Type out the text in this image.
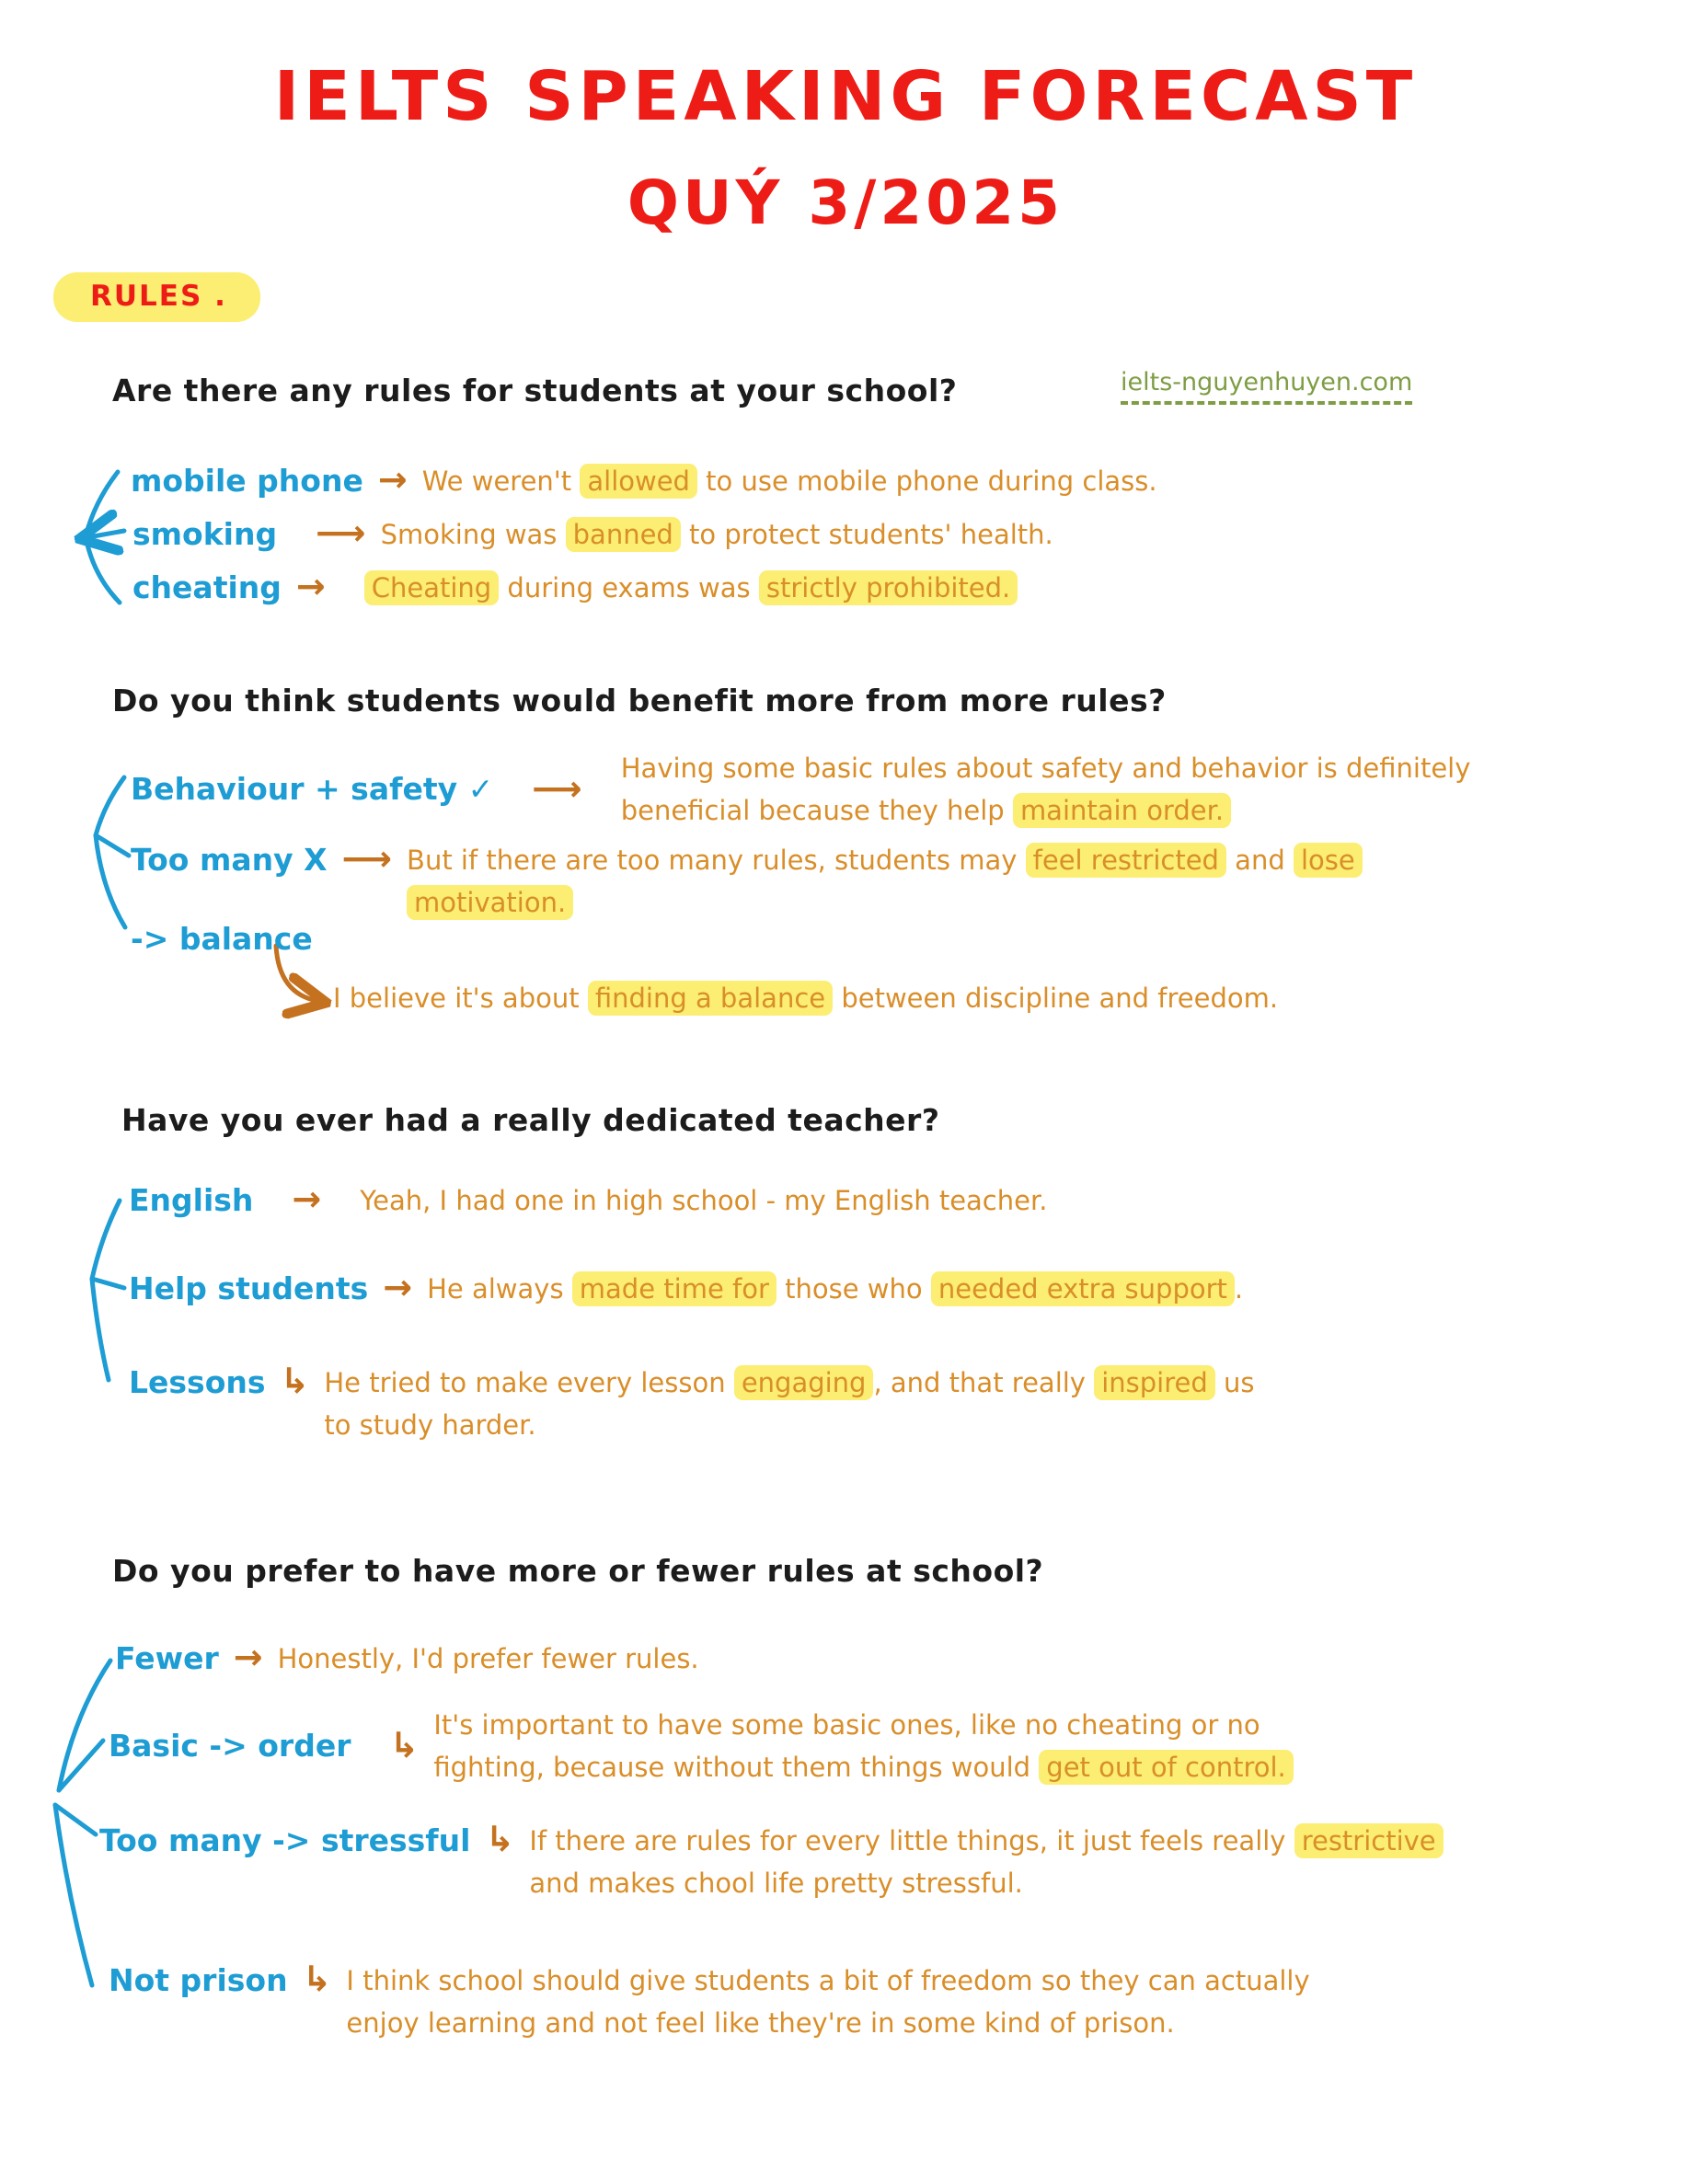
IELTS SPEAKING FORECAST
QUÝ 3/2025
RULES .
ielts-nguyenhuyen.com
Are there any rules for students at your school?
mobile phone → We weren't allowed to use mobile phone during class.
smoking ⟶ Smoking was banned to protect students' health.
cheating → Cheating during exams was strictly prohibited.
Do you think students would benefit more from more rules?
Behaviour + safety ✓ ⟶ Having some basic rules about safety and behavior is definitely
beneficial because they help maintain order.
Too many X ⟶ But if there are too many rules, students may feel restricted and lose
motivation.
-> balance
I believe it's about finding a balance between discipline and freedom.
Have you ever had a really dedicated teacher?
English → Yeah, I had one in high school - my English teacher.
Help students → He always made time for those who needed extra support .
Lessons ↳ He tried to make every lesson engaging , and that really inspired us
to study harder.
Do you prefer to have more or fewer rules at school?
Fewer → Honestly, I'd prefer fewer rules.
Basic -> order ↳ It's important to have some basic ones, like no cheating or no
fighting, because without them things would get out of control.
Too many -> stressful ↳ If there are rules for every little things, it just feels really restrictive
and makes chool life pretty stressful.
Not prison ↳ I think school should give students a bit of freedom so they can actually
enjoy learning and not feel like they're in some kind of prison.
